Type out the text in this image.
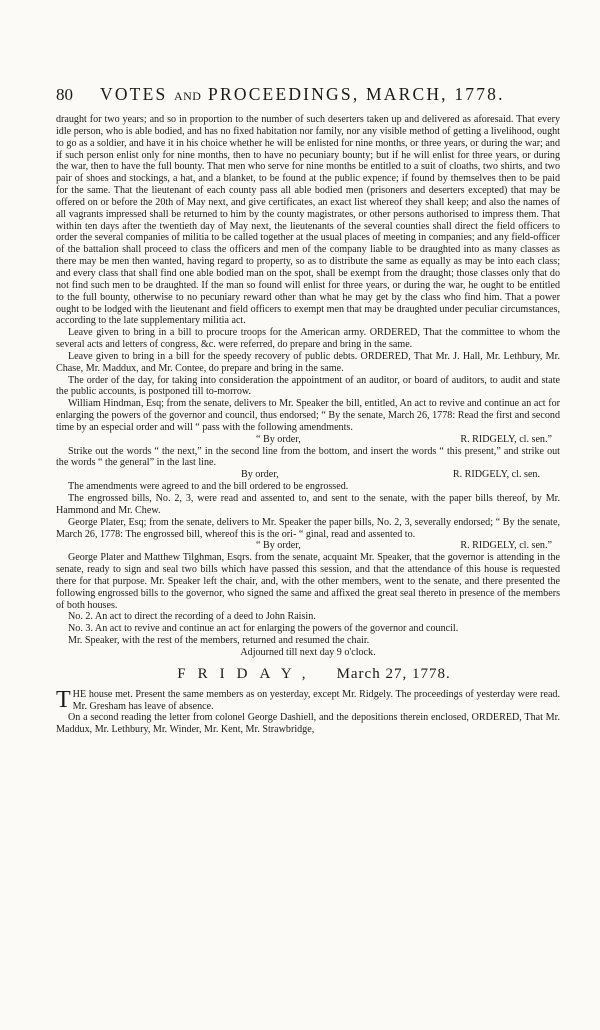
80	VOTES AND PROCEEDINGS, MARCH, 1778.

draught for two years; and so in proportion to the number of such deserters taken up and delivered as aforesaid. That every idle person, who is able bodied, and has no fixed habitation nor family, nor any visible method of getting a livelihood, ought to go as a soldier, and have it in his choice whether he will be enlisted for nine months, or three years, or during the war; and if such person enlist only for nine months, then to have no pecuniary bounty; but if he will enlist for three years, or during the war, then to have the full bounty. That men who serve for nine months be entitled to a suit of cloaths, two shirts, and two pair of shoes and stockings, a hat, and a blanket, to be found at the public expence; if found by themselves then to be paid for the same. That the lieutenant of each county pass all able bodied men (prisoners and deserters excepted) that may be offered on or before the 20th of May next, and give certificates, an exact list whereof they shall keep; and also the names of all vagrants impressed shall be returned to him by the county magistrates, or other persons authorised to impress them. That within ten days after the twentieth day of May next, the lieutenants of the several counties shall direct the field officers to order the several companies of militia to be called together at the usual places of meeting in companies; and any field-officer of the battalion shall proceed to class the officers and men of the company liable to be draughted into as many classes as there may be men then wanted, having regard to property, so as to distribute the same as equally as may be into each class; and every class that shall find one able bodied man on the spot, shall be exempt from the draught; those classes only that do not find such men to be draughted. If the man so found will enlist for three years, or during the war, he ought to be entitled to the full bounty, otherwise to no pecuniary reward other than what he may get by the class who find him. That a power ought to be lodged with the lieutenant and field officers to exempt men that may be draughted under peculiar circumstances, according to the late supplementary militia act.

Leave given to bring in a bill to procure troops for the American army. ORDERED, That the committee to whom the several acts and letters of congress, &c. were referred, do prepare and bring in the same.

Leave given to bring in a bill for the speedy recovery of public debts. ORDERED, That Mr. J. Hall, Mr. Lethbury, Mr. Chase, Mr. Maddux, and Mr. Contee, do prepare and bring in the same.

The order of the day, for taking into consideration the appointment of an auditor, or board of auditors, to audit and state the public accounts, is postponed till to-morrow.

William Hindman, Esq; from the senate, delivers to Mr. Speaker the bill, entitled, An act to revive and continue an act for enlarging the powers of the governor and council, thus endorsed; “ By the senate, March 26, 1778: Read the first and second time by an especial order and will “ pass with the following amendments.

“ By order,	R. RIDGELY, cl. sen.”

Strike out the words “ the next,” in the second line from the bottom, and insert the words “ this present,” and strike out the words “ the general” in the last line.

By order,	R. RIDGELY, cl. sen.

The amendments were agreed to and the bill ordered to be engrossed.

The engrossed bills, No. 2, 3, were read and assented to, and sent to the senate, with the paper bills thereof, by Mr. Hammond and Mr. Chew.

George Plater, Esq; from the senate, delivers to Mr. Speaker the paper bills, No. 2, 3, severally endorsed; “ By the senate, March 26, 1778: The engrossed bill, whereof this is the ori- “ ginal, read and assented to.

“ By order,	R. RIDGELY, cl. sen.”

George Plater and Matthew Tilghman, Esqrs. from the senate, acquaint Mr. Speaker, that the governor is attending in the senate, ready to sign and seal two bills which have passed this session, and that the attendance of this house is requested there for that purpose. Mr. Speaker left the chair, and, with the other members, went to the senate, and there presented the following engrossed bills to the governor, who signed the same and affixed the great seal thereto in presence of the members of both houses.

No. 2. An act to direct the recording of a deed to John Raisin.

No. 3. An act to revive and continue an act for enlarging the powers of the governor and council.

Mr. Speaker, with the rest of the members, returned and resumed the chair.

Adjourned till next day 9 o'clock.

FRIDAY, March 27, 1778.

T HE house met. Present the same members as on yesterday, except Mr. Ridgely. The proceedings of yesterday were read. Mr. Gresham has leave of absence.

On a second reading the letter from colonel George Dashiell, and the depositions therein enclosed, ORDERED, That Mr. Maddux, Mr. Lethbury, Mr. Winder, Mr. Kent, Mr. Strawbridge,
